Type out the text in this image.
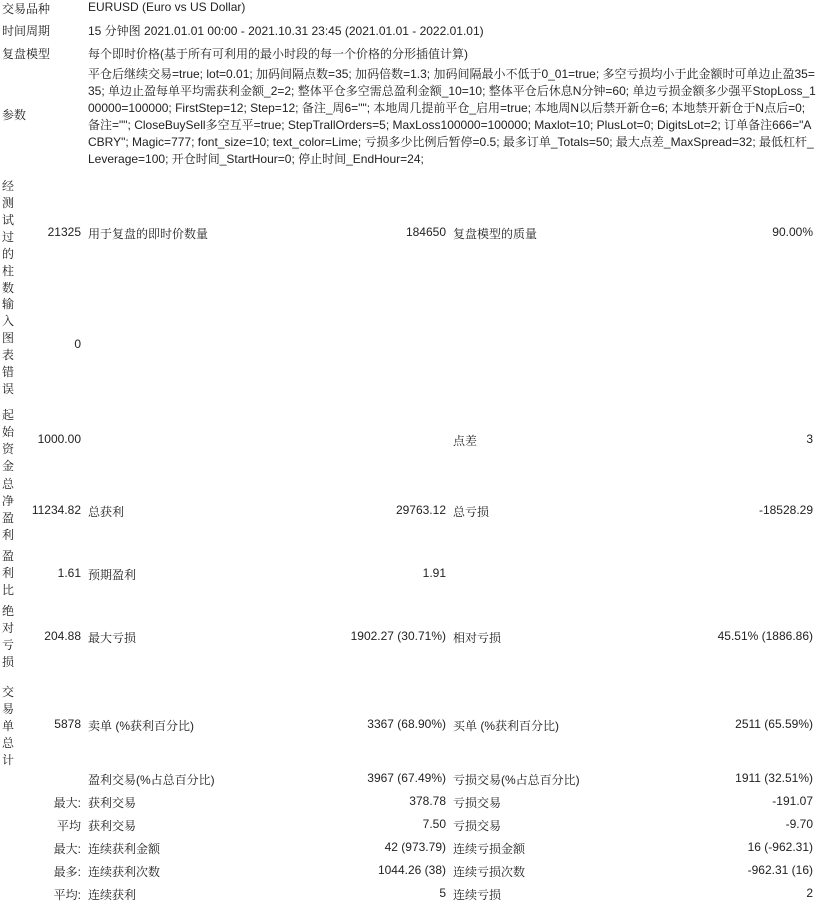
交易品种	EURUSD (Euro vs US Dollar)
时间周期	15 分钟图 2021.01.01 00:00 - 2021.10.31 23:45 (2021.01.01 - 2022.01.01)
复盘模型	每个即时价格(基于所有可利用的最小时段的每一个价格的分形插值计算)
参数
平仓后继续交易=true; lot=0.01; 加码间隔点数=35; 加码倍数=1.3; 加码间隔最小不低于0_01=true; 多空亏损均小于此金额时可单边止盈35=35; 单边止盈每单平均需获利金额_2=2; 整体平仓多空需总盈利金额_10=10; 整体平仓后休息N分钟=60; 单边亏损金额多少强平StopLoss_100000=100000; FirstStep=12; Step=12; 备注_周6=""; 本地周几提前平仓_启用=true; 本地周N以后禁开新仓=6; 本地禁开新仓于N点后=0; 备注=""; CloseBuySell多空互平=true; StepTrallOrders=5; MaxLoss100000=100000; Maxlot=10; PlusLot=0; DigitsLot=2; 订单备注666="ACBRY"; Magic=777; font_size=10; text_color=Lime; 亏损多少比例后暂停=0.5; 最多订单_Totals=50; 最大点差_MaxSpread=32; 最低杠杆_Leverage=100; 开仓时间_StartHour=0; 停止时间_EndHour=24;
经测试过的柱数
21325 用于复盘的即时价数量	184650 复盘模型的质量	90.00%
输入图表错误
0
起始资金
1000.00	点差	3
总净盈利
11234.82 总获利	29763.12 总亏损	-18528.29
盈利比
1.61 预期盈利	1.91
绝对亏损
204.88 最大亏损	1902.27 (30.71%) 相对亏损	45.51% (1886.86)
交易单总计
5878 卖单 (%获利百分比)	3367 (68.90%) 买单 (%获利百分比)	2511 (65.59%)
盈利交易(%占总百分比)	3967 (67.49%) 亏损交易(%占总百分比)	1911 (32.51%)
最大: 获利交易	378.78 亏损交易	-191.07
平均 获利交易	7.50 亏损交易	-9.70
最大: 连续获利金额	42 (973.79) 连续亏损金额	16 (-962.31)
最多: 连续获利次数	1044.26 (38) 连续亏损次数	-962.31 (16)
平均: 连续获利	5 连续亏损	2
